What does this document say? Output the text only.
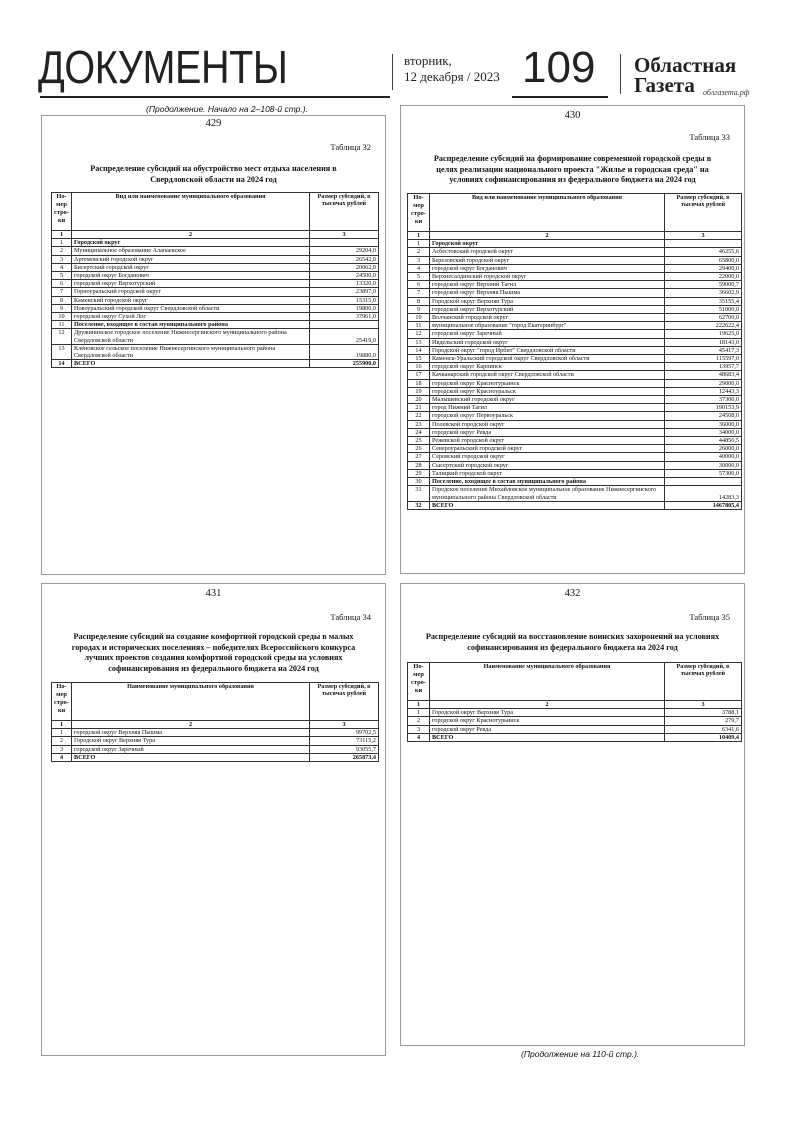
ДОКУМЕНТЫ	вторник,
12 декабря / 2023 109 Областная
Газета	облгазета.рф
(Продолжение. Начало на 2–108-й стр.).
429
Таблица 32
Распределение субсидий на обустройство мест отдыха населения в Свердловской области на 2024 год
Но-мер стро-ки	Вид или наименование муниципального образования	Размер субсидий, в тысячах рублей
1	2	3
1	Городской округ	
2	Муниципальное образование Алапаевское	29204,0
3	Артемовский городской округ	26542,0
4	Бисертский городской округ	20062,0
5	городской округ Богданович	24500,0
6	городской округ Верхотурский	13320,0
7	Горноуральский городской округ	23897,0
8	Каменский городской округ	15315,0
9	Новоуральский городской округ Свердловской области	19800,0
10	городской округ Сухой Лог	37961,0
11	Поселение, входящее в состав муниципального района	
12	Дружининское городское поселение Нижнесергинского муниципального района Свердловской области	25419,0
13	Клёновское сельское поселение Нижнесергинского муниципального района Свердловской области	19880,0
14	ВСЕГО	255900,0
430
Таблица 33
Распределение субсидий на формирование современной городской среды в целях реализации национального проекта "Жилье и городская среда" на условиях софинансирования из федерального бюджета на 2024 год
Но-мер стро-ки	Вид или наименование муниципального образования	Размер субсидий, в тысячах рублей
1	2	3
1	Городской округ	
2	Асбестовский городской округ	46255,6
3	Березовский городской округ	65800,0
4	городской округ Богданович	29400,0
5	Верхнесалдинский городской округ	22000,0
6	городской округ Верхний Тагил	59000,7
7	городской округ Верхняя Пышма	36602,9
8	Городской округ Верхняя Тура	35155,4
9	городской округ Верхотурский	51000,0
10	Волчанский городской округ	62700,0
11	муниципальное образование "город Екатеринбург"	222622,4
12	городской округ Заречный	19625,0
13	Ивдельский городской округ	18143,0
14	Городской округ "город Ирбит" Свердловской области	45417,3
15	Каменск-Уральский городской округ Свердловской области	115597,0
16	городской округ Карпинск	13957,7
17	Качканарский городской округ Свердловской области	48683,4
18	городской округ Краснотурьинск	29000,0
19	городской округ Красноуральск	12443,3
20	Малышевский городской округ	37300,0
21	город Нижний Тагил	190153,9
22	городской округ Первоуральск	24508,0
23	Полевской городской округ	36000,0
24	городской округ Ревда	34000,0
25	Режевской городской округ	44856,5
26	Североуральский городской округ	26000,0
27	Серовский городской округ	40000,0
28	Сысертский городской округ	30000,0
29	Талицкий городской округ	57300,0
30	Поселение, входящее в состав муниципального района	
31	Городское поселение Михайловское муниципальное образование Нижнесергинского муниципального района Свердловской области	14283,3
32	ВСЕГО	1467805,4
431
Таблица 34
Распределение субсидий на создание комфортной городской среды в малых городах и исторических поселениях – победителях Всероссийского конкурса лучших проектов создания комфортной городской среды на условиях софинансирования из федерального бюджета на 2024 год
Но-мер стро-ки	Наименование муниципального образования	Размер субсидий, в тысячах рублей
1	2	3
1	городской округ Верхняя Пышма	99702,5
2	Городской округ Верхняя Тура	73115,2
3	городской округ Заречный	93055,7
4	ВСЕГО	265873,4
432
Таблица 35
Распределение субсидий на восстановление воинских захоронений на условиях софинансирования из федерального бюджета на 2024 год
Но-мер стро-ки	Наименование муниципального образования	Размер субсидий, в тысячах рублей
1	2	3
1	Городской округ Верхняя Тура	3788,1
2	городской округ Краснотурьинск	279,7
3	городской округ Ревда	6341,6
4	ВСЕГО	10409,4
(Продолжение на 110-й стр.).
